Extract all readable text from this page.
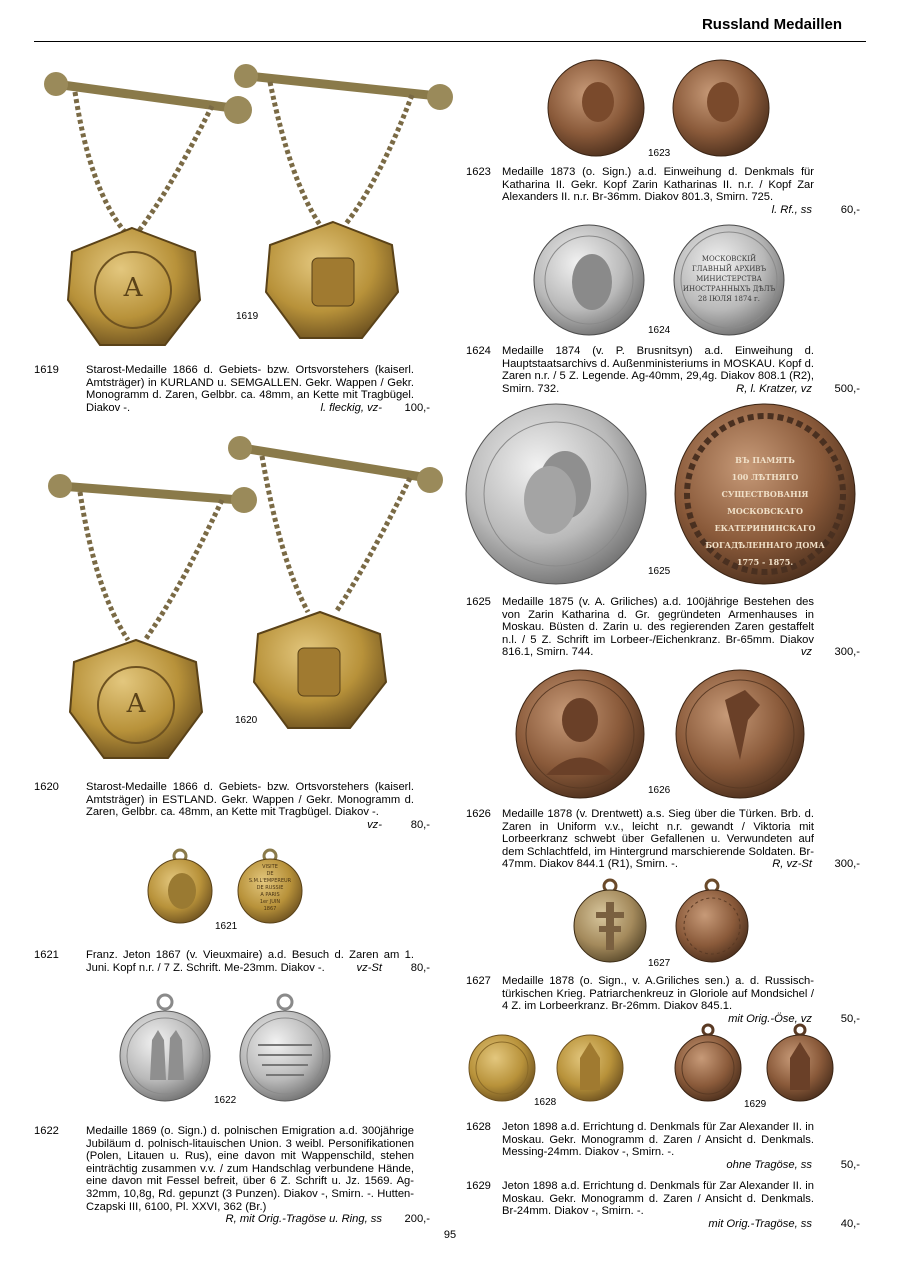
Russland Medaillen
A
A
МОСКОВСКІЙ
ГЛАВНЫЙ АРХИВЪ
МИНИСТЕРСТВА
ИНОСТРАННЫХЪ ДѢЛЪ
28 ІЮЛЯ 1874 г.
ВЪ ПАМЯТЬ
100 ЛѢТНЯГО СУЩЕСТВОВАНІЯ
МОСКОВСКАГО ЕКАТЕРИНИНСКАГО
БОГАДѢЛЕННАГО ДОМА
1775 - 1875.
VISITE
DE
S.M.L'EMPEREUR
DE RUSSIE
A PARIS
1er JUIN
1867
1619
1620
1621
1622
1623
1624
1625
1626
1627
1628	1629
1619 Starost-Medaille 1866 d. Gebiets- bzw. Ortsvorstehers (kaiserl. Amtsträger) in KURLAND u. SEMGALLEN. Gekr. Wappen / Gekr. Monogramm d. Zaren, Gelbbr. ca. 48mm, an Kette mit Tragbügel. Diakov -.	l. fleckig, vz- 100,-
1620 Starost-Medaille 1866 d. Gebiets- bzw. Ortsvorstehers (kaiserl. Amtsträger) in ESTLAND. Gekr. Wappen / Gekr. Monogramm d. Zaren, Gelbbr. ca. 48mm, an Kette mit Tragbügel. Diakov -.
vz-	80,-
1621 Franz. Jeton 1867 (v. Vieuxmaire) a.d. Besuch d. Zaren am 1. Juni. Kopf n.r. / 7 Z. Schrift. Me-23mm. Diakov -.	vz-St	80,-
1622 Medaille 1869 (o. Sign.) d. polnischen Emigration a.d. 300jährige Jubiläum d. polnisch-litauischen Union. 3 weibl. Personifikationen (Polen, Litauen u. Rus), eine davon mit Wappenschild, stehen einträchtig zusammen v.v. / zum Handschlag verbundene Hände, eine davon mit Fessel befreit, über 6 Z. Schrift u. Jz. 1569. Ag-32mm, 10,8g, Rd. gepunzt (3 Punzen). Diakov -, Smirn. -. Hutten-Czapski III, 6100, Pl. XXVI, 362 (Br.)
R, mit Orig.-Tragöse u. Ring, ss 200,-
1623 Medaille 1873 (o. Sign.) a.d. Einweihung d. Denkmals für Katharina II. Gekr. Kopf Zarin Katharinas II. n.r. / Kopf Zar Alexanders II. n.r. Br-36mm. Diakov 801.3, Smirn. 725.
l. Rf., ss	60,-
1624 Medaille 1874 (v. P. Brusnitsyn) a.d. Einweihung d. Hauptstaatsarchivs d. Außenministeriums in MOSKAU. Kopf d. Zaren n.r. / 5 Z. Legende. Ag-40mm, 29,4g. Diakov 808.1 (R2), Smirn. 732.	R, l. Kratzer, vz 500,-
1625 Medaille 1875 (v. A. Griliches) a.d. 100jährige Bestehen des von Zarin Katharina d. Gr. gegründeten Armenhauses in Moskau. Büsten d. Zarin u. des regierenden Zaren gestaffelt n.l. / 5 Z. Schrift im Lorbeer-/Eichenkranz. Br-65mm. Diakov 816.1, Smirn. 744.	vz 300,-
1626 Medaille 1878 (v. Drentwett) a.s. Sieg über die Türken. Brb. d. Zaren in Uniform v.v., leicht n.r. gewandt / Viktoria mit Lorbeerkranz schwebt über Gefallenen u. Verwundeten auf dem Schlachtfeld, im Hintergrund marschierende Soldaten. Br-47mm. Diakov 844.1 (R1), Smirn. -.	R, vz-St 300,-
1627 Medaille 1878 (o. Sign., v. A.Griliches sen.) a. d. Russisch-türkischen Krieg. Patriarchenkreuz in Gloriole auf Mondsichel / 4 Z. im Lorbeerkranz. Br-26mm. Diakov 845.1.
mit Orig.-Öse, vz	50,-
1628 Jeton 1898 a.d. Errichtung d. Denkmals für Zar Alexander II. in Moskau. Gekr. Monogramm d. Zaren / Ansicht d. Denkmals. Messing-24mm. Diakov -, Smirn. -.
ohne Tragöse, ss	50,-
1629 Jeton 1898 a.d. Errichtung d. Denkmals für Zar Alexander II. in Moskau. Gekr. Monogramm d. Zaren / Ansicht d. Denkmals. Br-24mm. Diakov -, Smirn. -.
mit Orig.-Tragöse, ss	40,-
95
